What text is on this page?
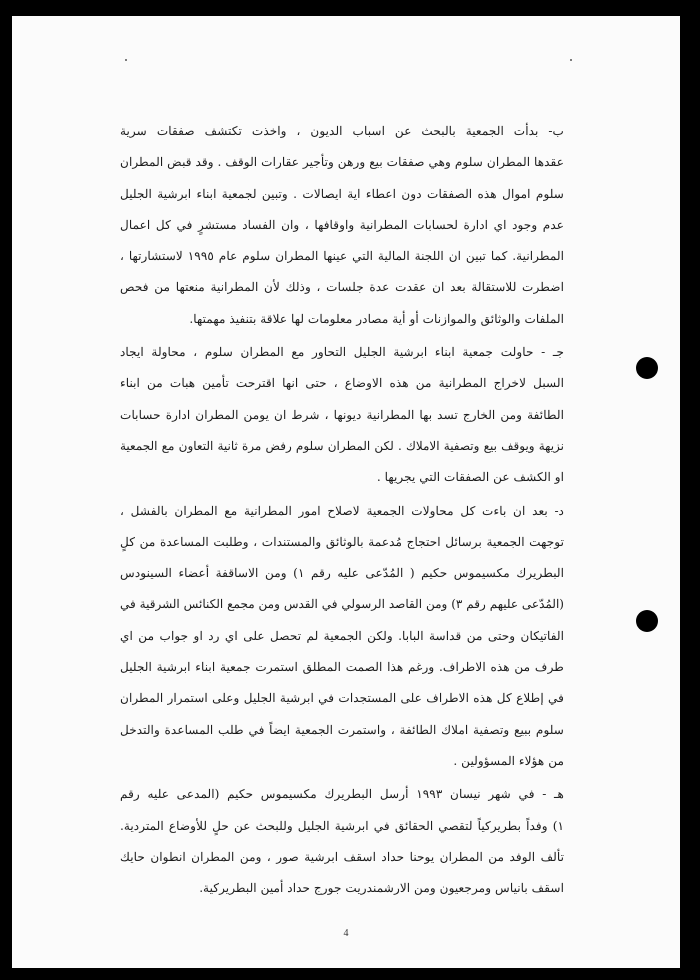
ب- بدأت الجمعية بالبحث عن اسباب الديون ، واخذت تكتشف صفقات سرية
عقدها المطران سلوم وهي صفقات بيع ورهن وتأجير عقارات الوقف . وقد قبض المطران
سلوم اموال هذه الصفقات دون اعطاء اية ايصالات . وتبين لجمعية ابناء ابرشية الجليل
عدم وجود اي ادارة لحسابات المطرانية واوقافها ، وان الفساد مستشرٍ في كل اعمال
المطرانية. كما تبين ان اللجنة المالية التي عينها المطران سلوم عام ١٩٩٥ لاستشارتها ،
اضطرت للاستقالة بعد ان عقدت عدة جلسات ، وذلك لأن المطرانية منعتها من فحص
الملفات والوثائق والموازنات أو أية مصادر معلومات لها علاقة بتنفيذ مهمتها.
جـ - حاولت جمعية ابناء ابرشية الجليل التحاور مع المطران سلوم ، محاولة ايجاد
السبل لاخراج المطرانية من هذه الاوضاع ، حتى انها اقترحت تأمين هبات من ابناء
الطائفة ومن الخارج تسد بها المطرانية ديونها ، شرط ان يومن المطران ادارة حسابات
نزيهة ويوقف بيع وتصفية الاملاك . لكن المطران سلوم رفض مرة ثانية التعاون مع الجمعية
او الكشف عن الصفقات التي يجريها .
د- بعد ان باءت كل محاولات الجمعية لاصلاح امور المطرانية مع المطران بالفشل ،
توجهت الجمعية برسائل احتجاج مُدعمة بالوثائق والمستندات ، وطلبت المساعدة من كلٍ
البطريرك مكسيموس حكيم ( المُدّعى عليه رقم ١) ومن الاساقفة أعضاء السينودس
(المُدّعى عليهم رقم ٣) ومن القاصد الرسولي في القدس ومن مجمع الكنائس الشرقية في
الفاتيكان وحتى من قداسة البابا. ولكن الجمعية لم تحصل على اي رد او جواب من اي
طرف من هذه الاطراف. ورغم هذا الصمت المطلق استمرت جمعية ابناء ابرشية الجليل
في إطلاع كل هذه الاطراف على المستجدات في ابرشية الجليل وعلى استمرار المطران
سلوم ببيع وتصفية املاك الطائفة ، واستمرت الجمعية ايضاً في طلب المساعدة والتدخل
من هؤلاء المسؤولين .
هـ - في شهر نيسان ١٩٩٣ أرسل البطريرك مكسيموس حكيم (المدعى عليه رقم
١) وفداً بطريركياً لتقصي الحقائق في ابرشية الجليل وللبحث عن حلٍ للأوضاع المتردية.
تألف الوفد من المطران يوحنا حداد اسقف ابرشية صور ، ومن المطران انطوان حايك
اسقف بانياس ومرجعيون ومن الارشمندريت جورج حداد أمين البطريركية.
4
